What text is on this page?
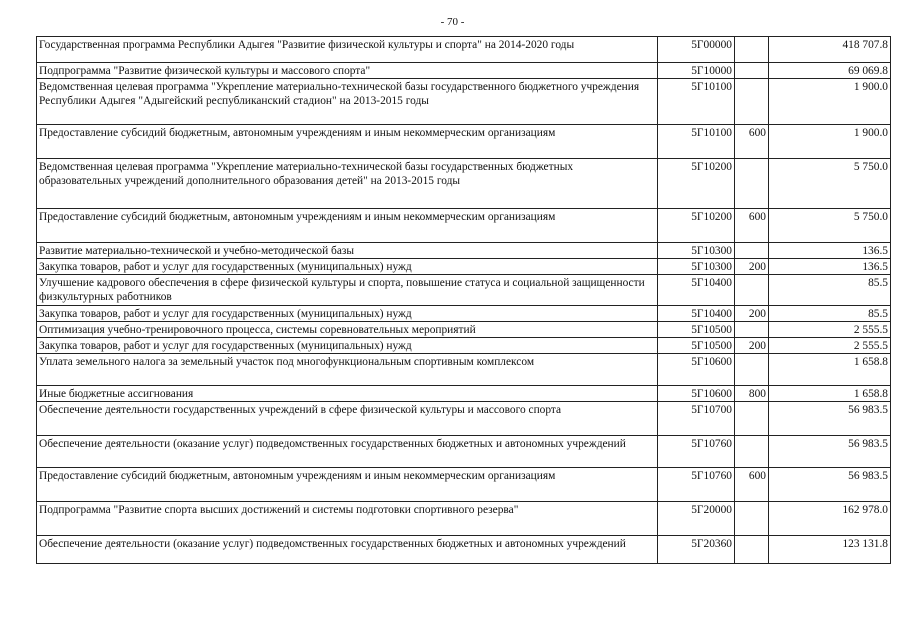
- 70 -
Государственная программа Республики Адыгея "Развитие физической культуры и спорта" на 2014-2020 годы	5Г00000		418 707.8
Подпрограмма "Развитие физической культуры и массового спорта"	5Г10000		69 069.8
Ведомственная целевая программа "Укрепление материально-технической базы государственного бюджетного учреждения Республики Адыгея "Адыгейский республиканский стадион" на 2013-2015 годы	5Г10100		1 900.0
Предоставление субсидий бюджетным, автономным учреждениям и иным некоммерческим организациям	5Г10100	600	1 900.0
Ведомственная целевая программа "Укрепление материально-технической базы государственных бюджетных образовательных учреждений дополнительного образования детей" на 2013-2015 годы	5Г10200		5 750.0
Предоставление субсидий бюджетным, автономным учреждениям и иным некоммерческим организациям	5Г10200	600	5 750.0
Развитие материально-технической и учебно-методической базы	5Г10300		136.5
Закупка товаров, работ и услуг для государственных (муниципальных) нужд	5Г10300	200	136.5
Улучшение кадрового обеспечения в сфере физической культуры и спорта, повышение статуса и социальной защищенности физкультурных работников	5Г10400		85.5
Закупка товаров, работ и услуг для государственных (муниципальных) нужд	5Г10400	200	85.5
Оптимизация учебно-тренировочного процесса, системы соревновательных мероприятий	5Г10500		2 555.5
Закупка товаров, работ и услуг для государственных (муниципальных) нужд	5Г10500	200	2 555.5
Уплата земельного налога за земельный участок под многофункциональным спортивным комплексом	5Г10600		1 658.8
Иные бюджетные ассигнования	5Г10600	800	1 658.8
Обеспечение деятельности государственных учреждений в сфере физической культуры и массового спорта	5Г10700		56 983.5
Обеспечение деятельности (оказание услуг) подведомственных государственных бюджетных и автономных учреждений	5Г10760		56 983.5
Предоставление субсидий бюджетным, автономным учреждениям и иным некоммерческим организациям	5Г10760	600	56 983.5
Подпрограмма "Развитие спорта высших достижений и системы подготовки спортивного резерва"	5Г20000		162 978.0
Обеспечение деятельности (оказание услуг) подведомственных государственных бюджетных и автономных учреждений	5Г20360		123 131.8
